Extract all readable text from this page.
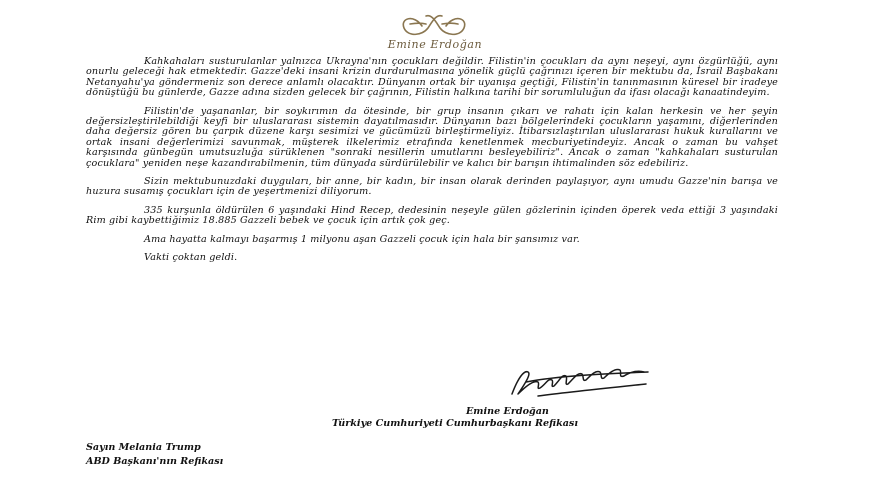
Emine Erdoğan

Kahkahaları susturulanlar yalnızca Ukrayna'nın çocukları değildir. Filistin'in çocukları da aynı neşeyi, aynı özgürlüğü, aynı onurlu geleceği hak etmektedir. Gazze'deki insani krizin durdurulmasına yönelik güçlü çağrınızı içeren bir mektubu da, İsrail Başbakanı Netanyahu'ya göndermeniz son derece anlamlı olacaktır. Dünyanın ortak bir uyanışa geçtiği, Filistin'in tanınmasının küresel bir iradeye dönüştüğü bu günlerde, Gazze adına sizden gelecek bir çağrının, Filistin halkına tarihi bir sorumluluğun da ifası olacağı kanaatindeyim.

Filistin'de yaşananlar, bir soykırımın da ötesinde, bir grup insanın çıkarı ve rahatı için kalan herkesin ve her şeyin değersizleştirilebildiği keyfi bir uluslararası sistemin dayatılmasıdır. Dünyanın bazı bölgelerindeki çocukların yaşamını, diğerlerinden daha değersiz gören bu çarpık düzene karşı sesimizi ve gücümüzü birleştirmeliyiz. İtibarsızlaştırılan uluslararası hukuk kurallarını ve ortak insani değerlerimizi savunmak, müşterek ilkelerimiz etrafında kenetlenmek mecburiyetindeyiz. Ancak o zaman bu vahşet karşısında günbegün umutsuzluğa sürüklenen "sonraki nesillerin umutlarını besleyebiliriz". Ancak o zaman "kahkahaları susturulan çocuklara" yeniden neşe kazandırabilmenin, tüm dünyada sürdürülebilir ve kalıcı bir barışın ihtimalinden söz edebiliriz.

Sizin mektubunuzdaki duyguları, bir anne, bir kadın, bir insan olarak derinden paylaşıyor, aynı umudu Gazze'nin barışa ve huzura susamış çocukları için de yeşertmenizi diliyorum.

335 kurşunla öldürülen 6 yaşındaki Hind Recep, dedesinin neşeyle gülen gözlerinin içinden öperek veda ettiği 3 yaşındaki Rim gibi kaybettiğimiz 18.885 Gazzeli bebek ve çocuk için artık çok geç.

Ama hayatta kalmayı başarmış 1 milyonu aşan Gazzeli çocuk için hala bir şansımız var.

Vakti çoktan geldi.

Emine Erdoğan
Türkiye Cumhuriyeti Cumhurbaşkanı Refikası
Sayın Melania Trump
ABD Başkanı'nın Refikası
